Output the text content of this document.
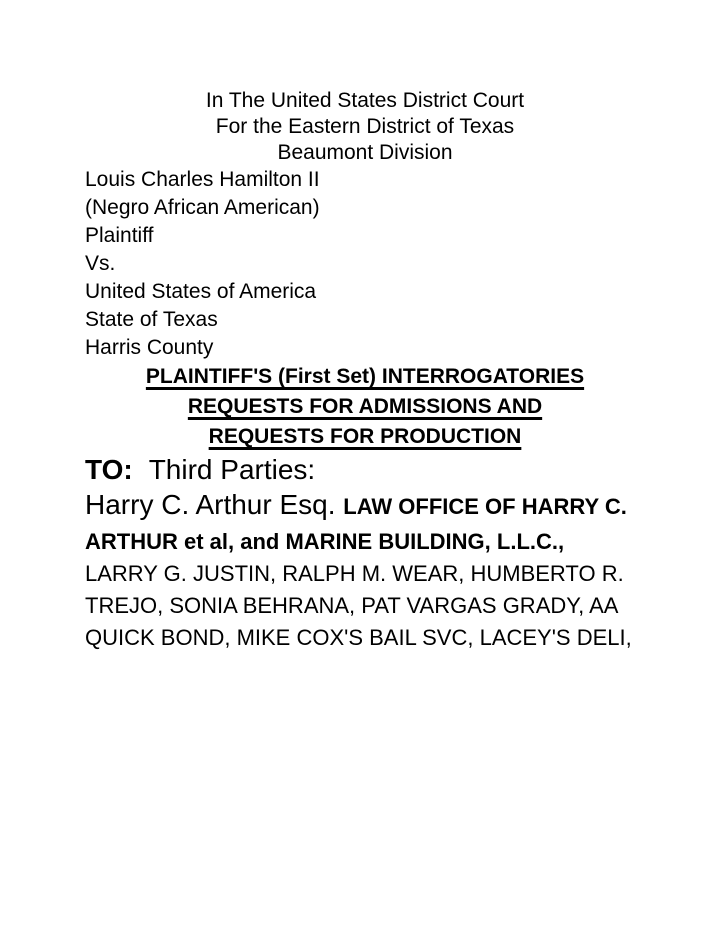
In The United States District Court
For the Eastern District of Texas
Beaumont Division
Louis Charles Hamilton II
(Negro African American)
Plaintiff
Vs.
United States of America
State of Texas
Harris County
PLAINTIFF'S (First Set) INTERROGATORIES
REQUESTS FOR ADMISSIONS AND
REQUESTS FOR PRODUCTION
TO: Third Parties:

Harry C. Arthur Esq. LAW OFFICE OF HARRY C. ARTHUR et al, and MARINE BUILDING, L.L.C.,

LARRY G. JUSTIN, RALPH M. WEAR, HUMBERTO R. TREJO, SONIA BEHRANA, PAT VARGAS GRADY, AA QUICK BOND, MIKE COX'S BAIL SVC, LACEY'S DELI,
